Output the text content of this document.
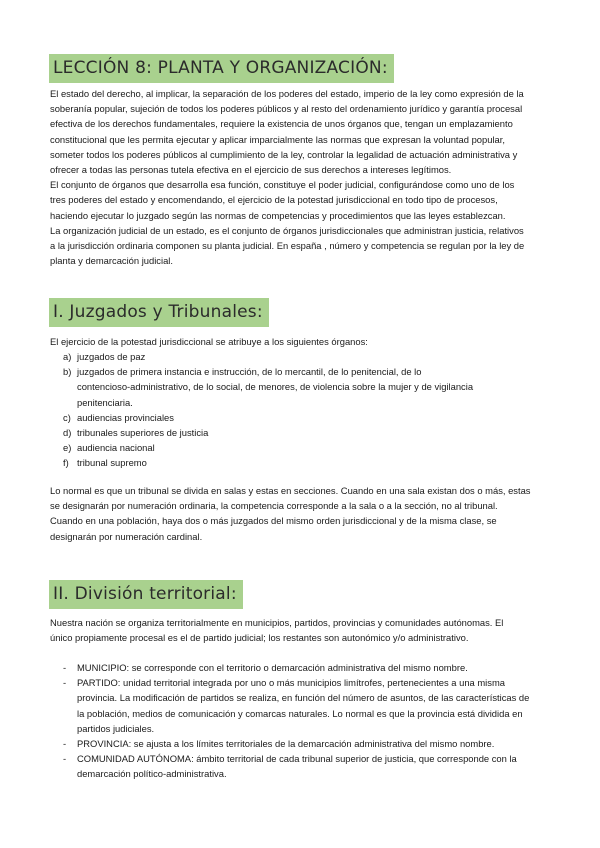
LECCIÓN 8: PLANTA Y ORGANIZACIÓN:

El estado del derecho, al implicar, la separación de los poderes del estado, imperio de la ley como expresión de la
soberanía popular, sujeción de todos los poderes públicos y al resto del ordenamiento jurídico y garantía procesal
efectiva de los derechos fundamentales, requiere la existencia de unos órganos que, tengan un emplazamiento
constitucional que les permita ejecutar y aplicar imparcialmente las normas que expresan la voluntad popular,
someter todos los poderes públicos al cumplimiento de la ley, controlar la legalidad de actuación administrativa y
ofrecer a todas las personas tutela efectiva en el ejercicio de sus derechos a intereses legítimos.
El conjunto de órganos que desarrolla esa función, constituye el poder judicial, configurándose como uno de los
tres poderes del estado y encomendando, el ejercicio de la potestad jurisdiccional en todo tipo de procesos,
haciendo ejecutar lo juzgado según las normas de competencias y procedimientos que las leyes establezcan.
La organización judicial de un estado, es el conjunto de órganos jurisdiccionales que administran justicia, relativos
a la jurisdicción ordinaria componen su planta judicial. En españa , número y competencia se regulan por la ley de
planta y demarcación judicial.

I. Juzgados y Tribunales:

El ejercicio de la potestad jurisdiccional se atribuye a los siguientes órganos:

a) juzgados de paz
b) juzgados de primera instancia e instrucción, de lo mercantil, de lo penitencial, de lo
contencioso-administrativo, de lo social, de menores, de violencia sobre la mujer y de vigilancia
penitenciaria.
c) audiencias provinciales
d) tribunales superiores de justicia
e) audiencia nacional
f) tribunal supremo

Lo normal es que un tribunal se divida en salas y estas en secciones. Cuando en una sala existan dos o más, estas
se designarán por numeración ordinaria, la competencia corresponde a la sala o a la sección, no al tribunal.
Cuando en una población, haya dos o más juzgados del mismo orden jurisdiccional y de la misma clase, se
designarán por numeración cardinal.

II. División territorial:

Nuestra nación se organiza territorialmente en municipios, partidos, provincias y comunidades autónomas. El
único propiamente procesal es el de partido judicial; los restantes son autonómico y/o administrativo.

- MUNICIPIO: se corresponde con el territorio o demarcación administrativa del mismo nombre.
- PARTIDO: unidad territorial integrada por uno o más municipios limítrofes, pertenecientes a una misma
provincia. La modificación de partidos se realiza, en función del número de asuntos, de las características de
la población, medios de comunicación y comarcas naturales. Lo normal es que la provincia está dividida en
partidos judiciales.
- PROVINCIA: se ajusta a los límites territoriales de la demarcación administrativa del mismo nombre.
- COMUNIDAD AUTÓNOMA: ámbito territorial de cada tribunal superior de justicia, que corresponde con la
demarcación político-administrativa.
